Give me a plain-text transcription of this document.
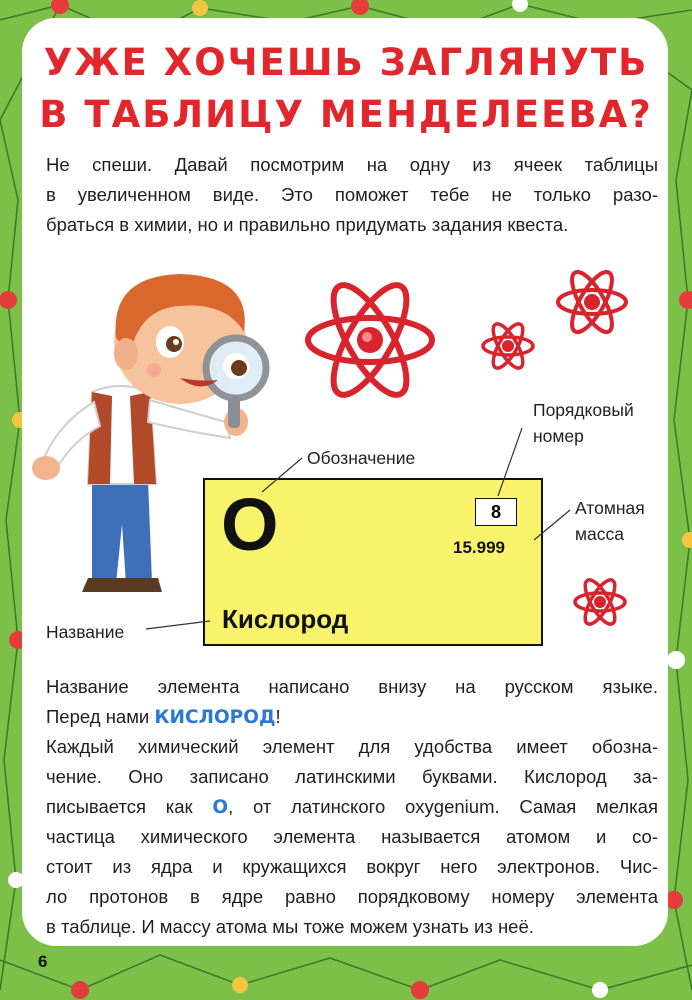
УЖЕ ХОЧЕШЬ ЗАГЛЯНУТЬ
В ТАБЛИЦУ МЕНДЕЛЕЕВА?
Не спеши. Давай посмотрим на одну из ячеек таблицы
в увеличенном виде. Это поможет тебе не только разо-
браться в химии, но и правильно придумать задания квеста.
O	8
15.999
Кислород
Обозначение
Порядковый
номер
Атомная
масса
Название
Название элемента написано внизу на русском языке.
Перед нами КИСЛОРОД!
Каждый химический элемент для удобства имеет обозна-
чение. Оно записано латинскими буквами. Кислород за-
писывается как O, от латинского oxygenium. Самая мелкая
частица химического элемента называется атомом и со-
стоит из ядра и кружащихся вокруг него электронов. Чис-
ло протонов в ядре равно порядковому номеру элемента
в таблице. И массу атома мы тоже можем узнать из неё.
6
